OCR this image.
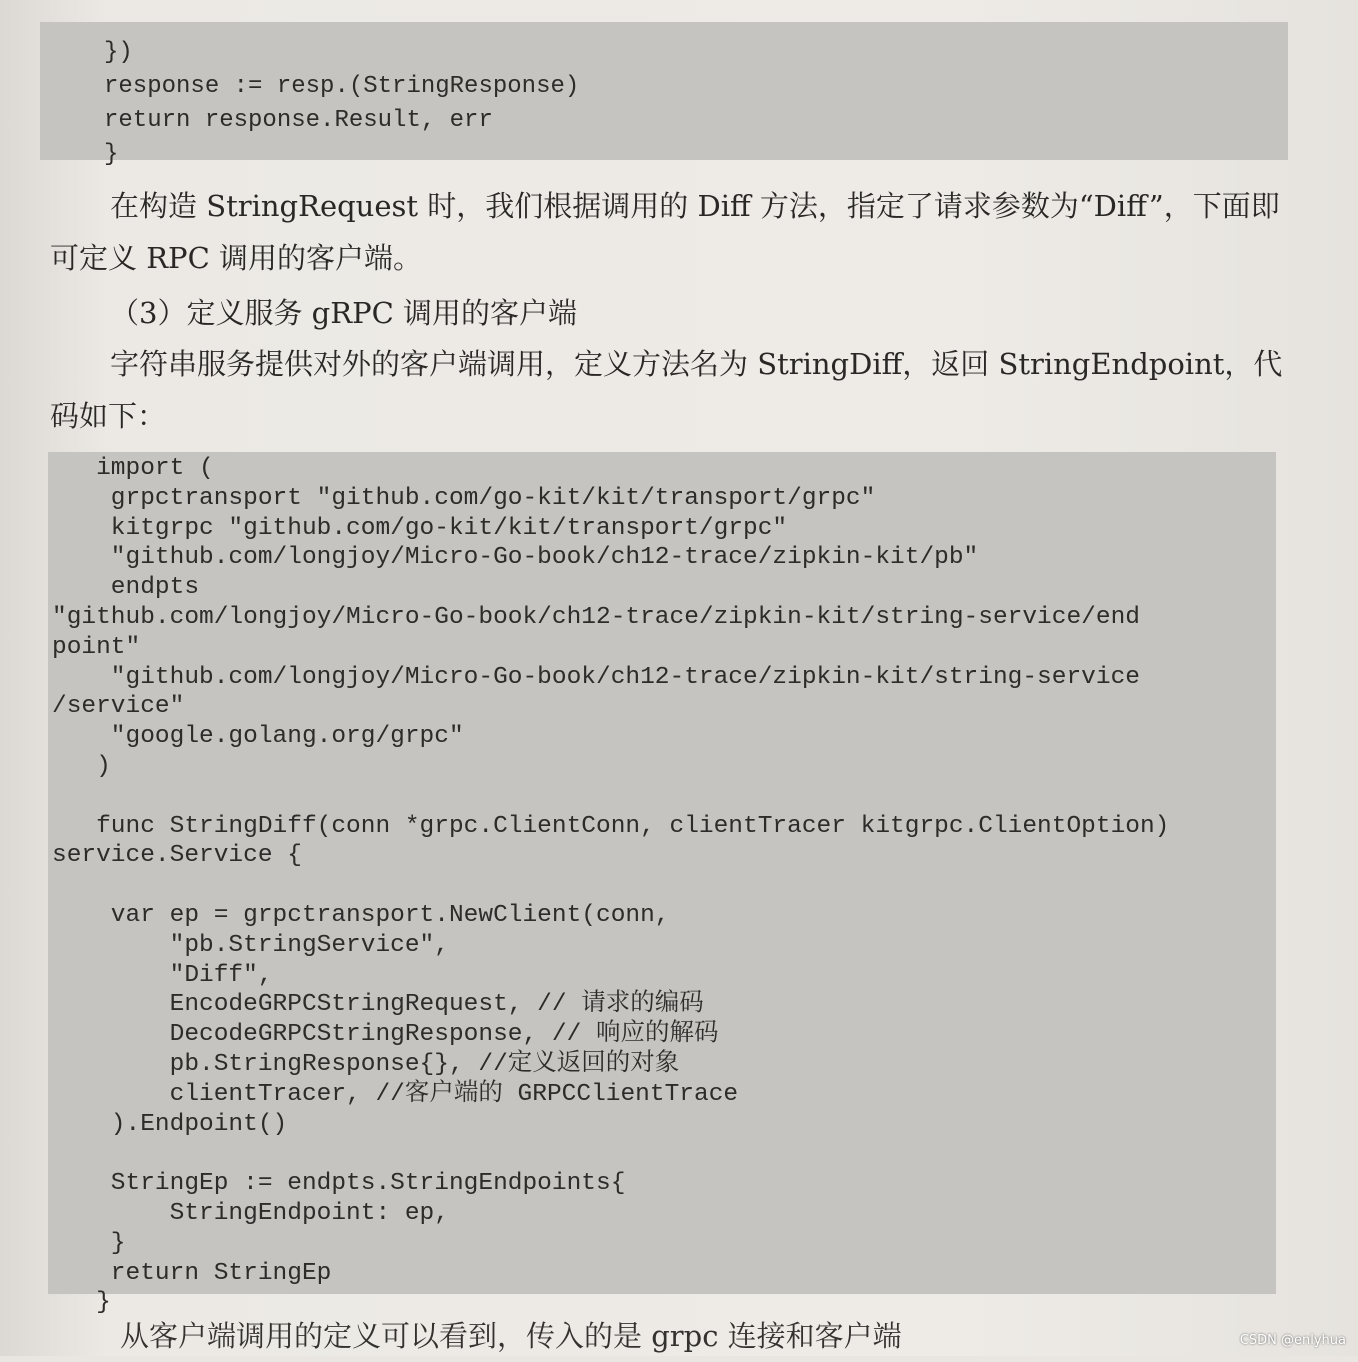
})
response := resp.(StringResponse)
return response.Result, err
}
在构造 StringRequest 时，我们根据调用的 Diff 方法，指定了请求参数为“Diff”，下面即可定义 RPC 调用的客户端。
（3）定义服务 gRPC 调用的客户端
字符串服务提供对外的客户端调用，定义方法名为 StringDiff，返回 StringEndpoint，代码如下：
import (
grpctransport "github.com/go-kit/kit/transport/grpc"
kitgrpc "github.com/go-kit/kit/transport/grpc"
"github.com/longjoy/Micro-Go-book/ch12-trace/zipkin-kit/pb"
endpts
"github.com/longjoy/Micro-Go-book/ch12-trace/zipkin-kit/string-service/end
point"
"github.com/longjoy/Micro-Go-book/ch12-trace/zipkin-kit/string-service
/service"
"google.golang.org/grpc"
)

func StringDiff(conn *grpc.ClientConn, clientTracer kitgrpc.ClientOption)
service.Service {

var ep = grpctransport.NewClient(conn,
"pb.StringService",
"Diff",
EncodeGRPCStringRequest, // 请求的编码
DecodeGRPCStringResponse, // 响应的解码
pb.StringResponse{}, //定义返回的对象
clientTracer, //客户端的 GRPCClientTrace
).Endpoint()

StringEp := endpts.StringEndpoints{
StringEndpoint: ep,
}
return StringEp
}
从客户端调用的定义可以看到，传入的是 grpc 连接和客户端	CSDN @enlyhua
